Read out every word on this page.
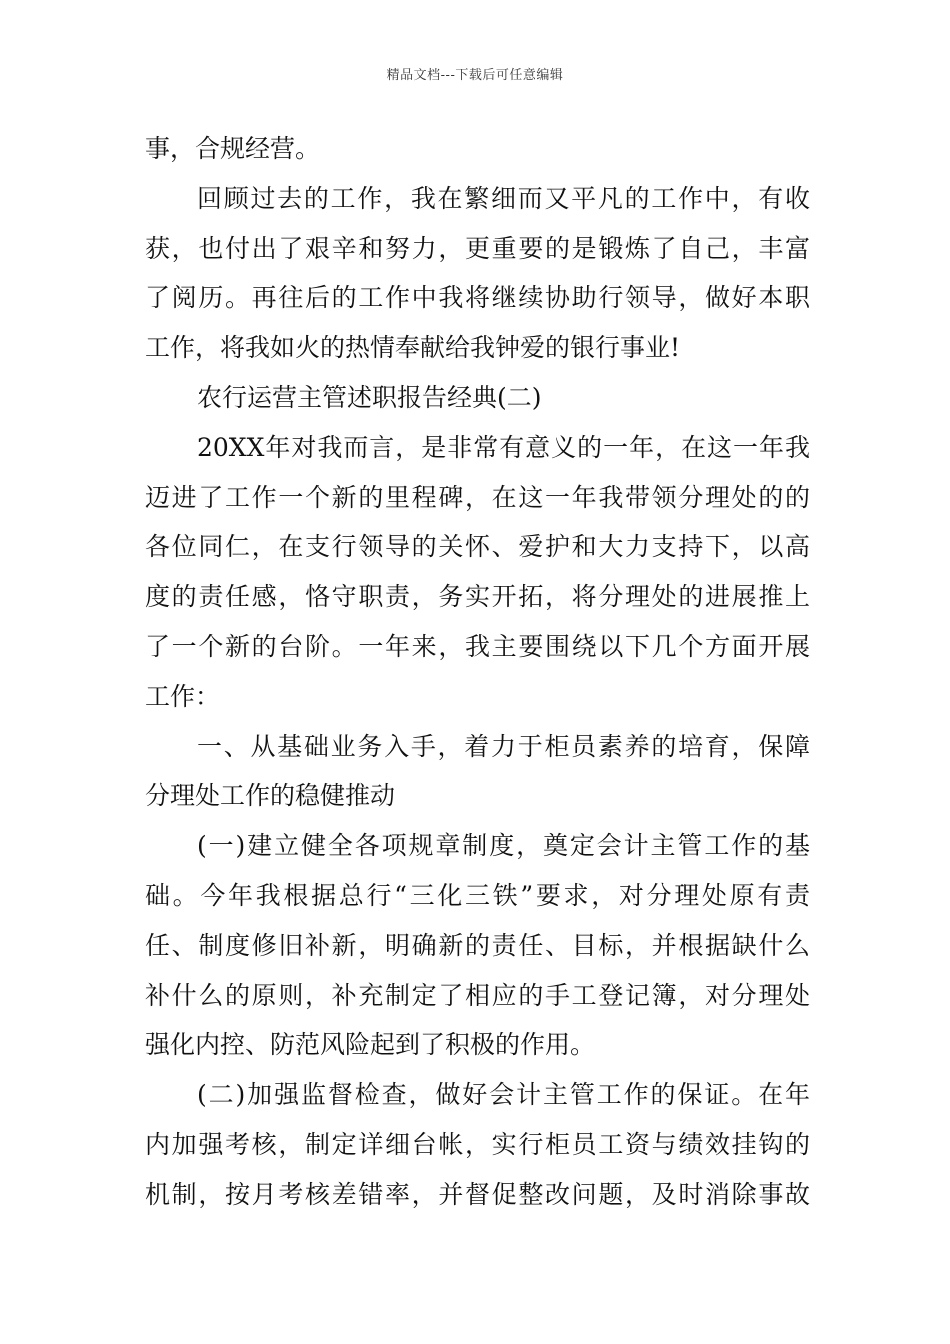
精品文档---下载后可任意编辑
事，合规经营。
回顾过去的工作，我在繁细而又平凡的工作中，有收
获，也付出了艰辛和努力，更重要的是锻炼了自己，丰富
了阅历。再往后的工作中我将继续协助行领导，做好本职
工作，将我如火的热情奉献给我钟爱的银行事业!
农行运营主管述职报告经典(二)
20XX年对我而言，是非常有意义的一年，在这一年我
迈进了工作一个新的里程碑，在这一年我带领分理处的的
各位同仁，在支行领导的关怀、爱护和大力支持下，以高
度的责任感，恪守职责，务实开拓，将分理处的进展推上
了一个新的台阶。一年来，我主要围绕以下几个方面开展
工作：
一、从基础业务入手，着力于柜员素养的培育，保障
分理处工作的稳健推动
(一)建立健全各项规章制度，奠定会计主管工作的基
础。今年我根据总行“三化三铁”要求，对分理处原有责
任、制度修旧补新，明确新的责任、目标，并根据缺什么
补什么的原则，补充制定了相应的手工登记簿，对分理处
强化内控、防范风险起到了积极的作用。
(二)加强监督检查，做好会计主管工作的保证。在年
内加强考核，制定详细台帐，实行柜员工资与绩效挂钩的
机制，按月考核差错率，并督促整改问题，及时消除事故
